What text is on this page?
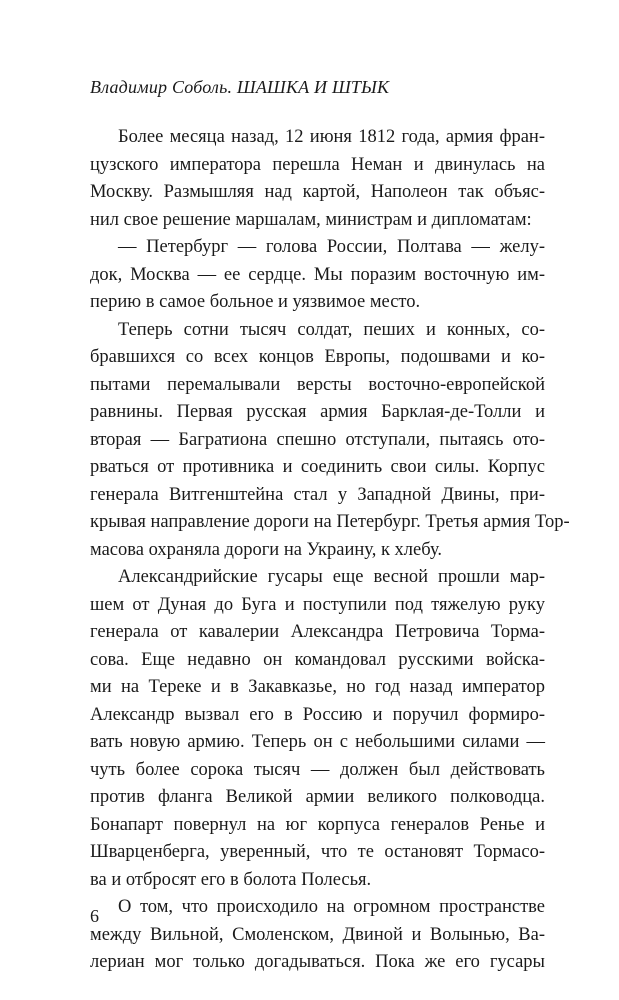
Владимир Соболь. ШАШКА И ШТЫК
Более месяца назад, 12 июня 1812 года, армия фран-
цузского императора перешла Неман и двинулась на
Москву. Размышляя над картой, Наполеон так объяс-
нил свое решение маршалам, министрам и дипломатам:
— Петербург — голова России, Полтава — желу-
док, Москва — ее сердце. Мы поразим восточную им-
перию в самое больное и уязвимое место.
Теперь сотни тысяч солдат, пеших и конных, со-
бравшихся со всех концов Европы, подошвами и ко-
пытами перемалывали версты восточно-европейской
равнины. Первая русская армия Барклая-де-Толли и
вторая — Багратиона спешно отступали, пытаясь ото-
рваться от противника и соединить свои силы. Корпус
генерала Витгенштейна стал у Западной Двины, при-
крывая направление дороги на Петербург. Третья армия Тор-
масова охраняла дороги на Украину, к хлебу.
Александрийские гусары еще весной прошли мар-
шем от Дуная до Буга и поступили под тяжелую руку
генерала от кавалерии Александра Петровича Торма-
сова. Еще недавно он командовал русскими войска-
ми на Тереке и в Закавказье, но год назад император
Александр вызвал его в Россию и поручил формиро-
вать новую армию. Теперь он с небольшими силами —
чуть более сорока тысяч — должен был действовать
против фланга Великой армии великого полководца.
Бонапарт повернул на юг корпуса генералов Ренье и
Шварценберга, уверенный, что те остановят Тормасо-
ва и отбросят его в болота Полесья.
О том, что происходило на огромном пространстве
между Вильной, Смоленском, Двиной и Волынью, Ва-
лериан мог только догадываться. Пока же его гусары
6
